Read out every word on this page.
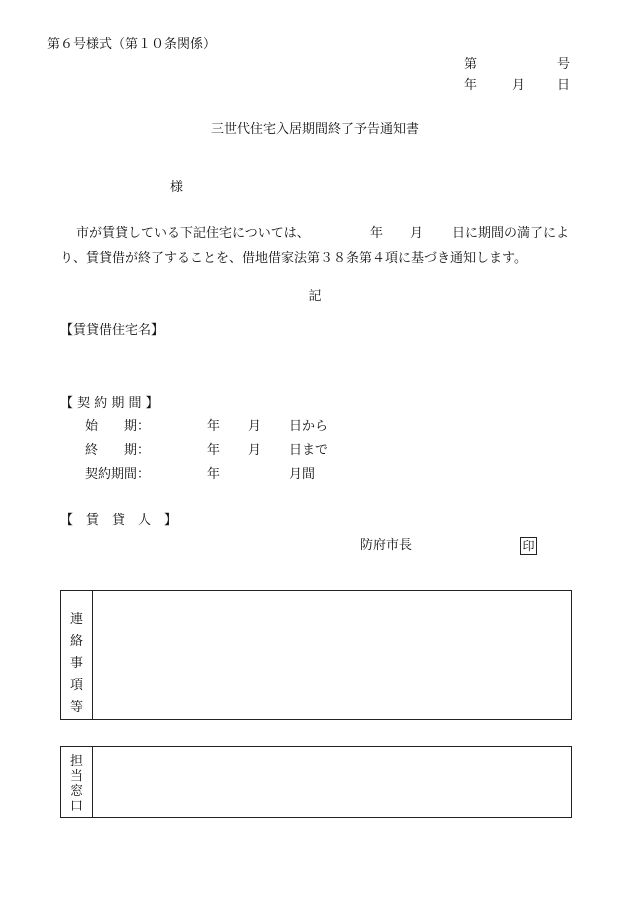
第６号様式（第１０条関係）
第	号
年	月 日
三世代住宅入居期間終了予告通知書
様
市が賃貸している下記住宅については、	年 月 日に期間の満了によ
り、賃貸借が終了することを、借地借家法第３８条第４項に基づき通知します。
記
【賃貸借住宅名】
【 契 約 期 間 】
始　　期：	年 月 日から
終　　期：	年 月 日まで
契約期間：	年	月間
【　賃　貸　人　】
防府市長	印
連
絡
事
項
等
担
当
窓
口
